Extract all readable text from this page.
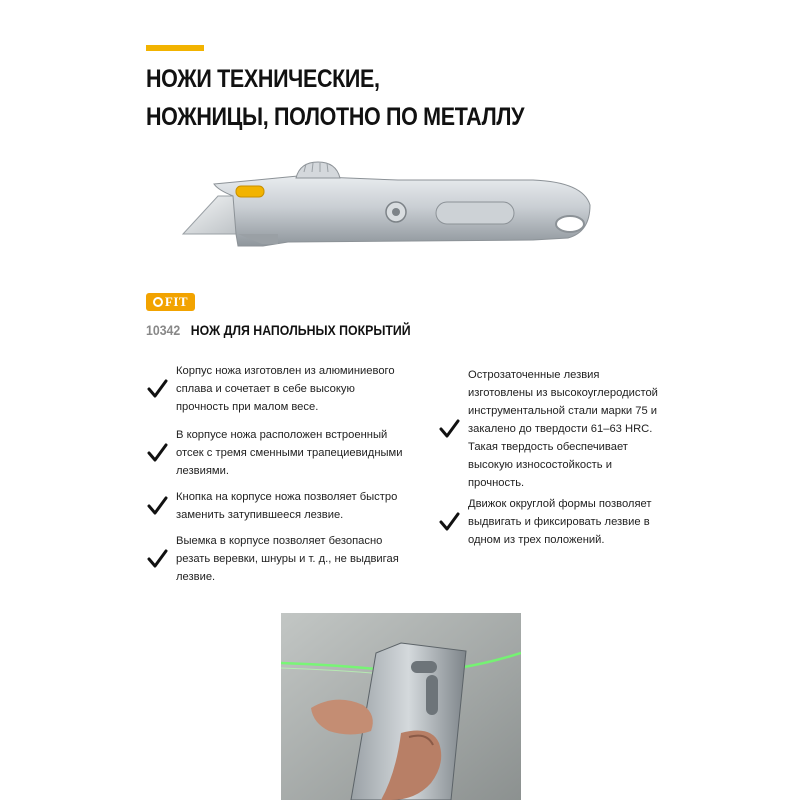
НОЖИ ТЕХНИЧЕСКИЕ,
НОЖНИЦЫ, ПОЛОТНО ПО МЕТАЛЛУ
FIT
10342 НОЖ ДЛЯ НАПОЛЬНЫХ ПОКРЫТИЙ
Корпус ножа изготовлен из алюминиевого сплава и сочетает в себе высокую прочность при малом весе.
В корпусе ножа расположен встроенный отсек с тремя сменными трапециевидными лезвиями.
Кнопка на корпусе ножа позволяет быстро заменить затупившееся лезвие.
Выемка в корпусе позволяет безопасно резать веревки, шнуры и т. д., не выдвигая лезвие.
Острозаточенные лезвия изготовлены из высокоуглеродистой инструментальной стали марки 75 и закалено до твердости 61–63 HRC. Такая твердость обеспечивает высокую износостойкость и прочность.
Движок округлой формы позволяет выдвигать и фиксировать лезвие в одном из трех положений.
